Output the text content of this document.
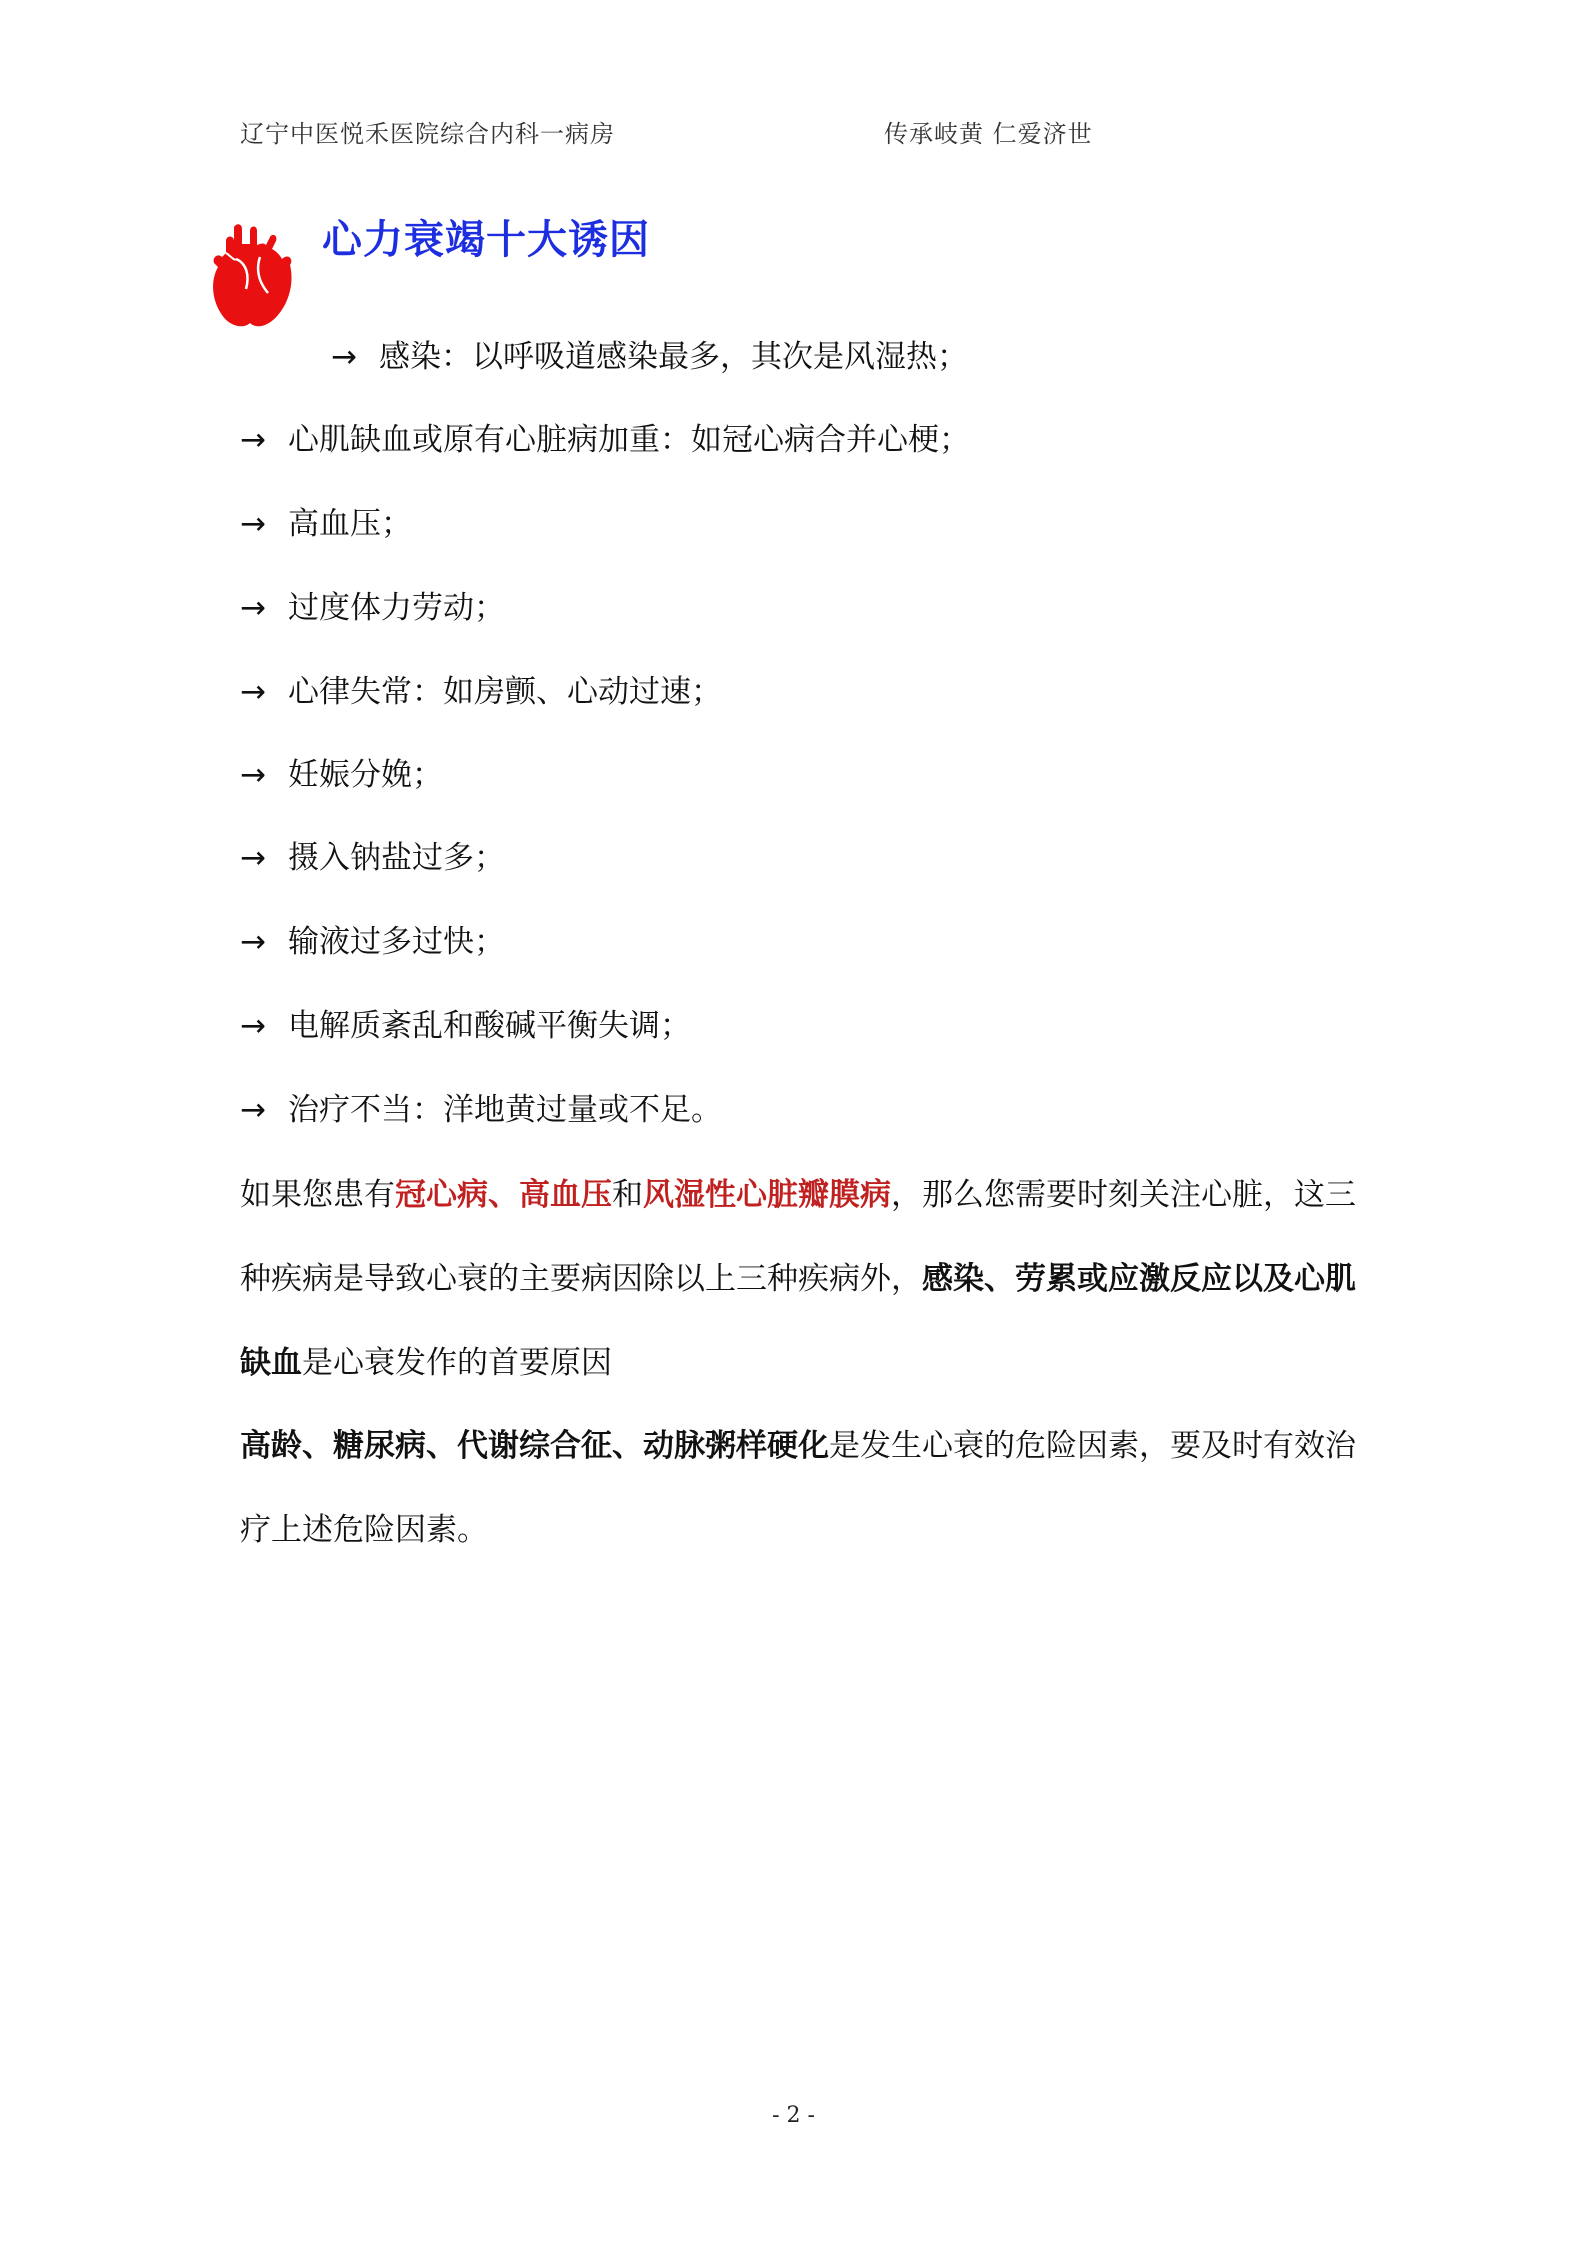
辽宁中医悦禾医院综合内科一病房	传承岐黄 仁爱济世
心力衰竭十大诱因
→ 感染：以呼吸道感染最多，其次是风湿热；
→ 心肌缺血或原有心脏病加重：如冠心病合并心梗；
→ 高血压；
→ 过度体力劳动；
→ 心律失常：如房颤、心动过速；
→ 妊娠分娩；
→ 摄入钠盐过多；
→ 输液过多过快；
→ 电解质紊乱和酸碱平衡失调；
→ 治疗不当：洋地黄过量或不足。
如果您患有冠心病、高血压和风湿性心脏瓣膜病，那么您需要时刻关注心脏，这三种疾病是导致心衰的主要病因除以上三种疾病外，感染、劳累或应激反应以及心肌缺血是心衰发作的首要原因
高龄、糖尿病、代谢综合征、动脉粥样硬化是发生心衰的危险因素，要及时有效治疗上述危险因素。
- 2 -
